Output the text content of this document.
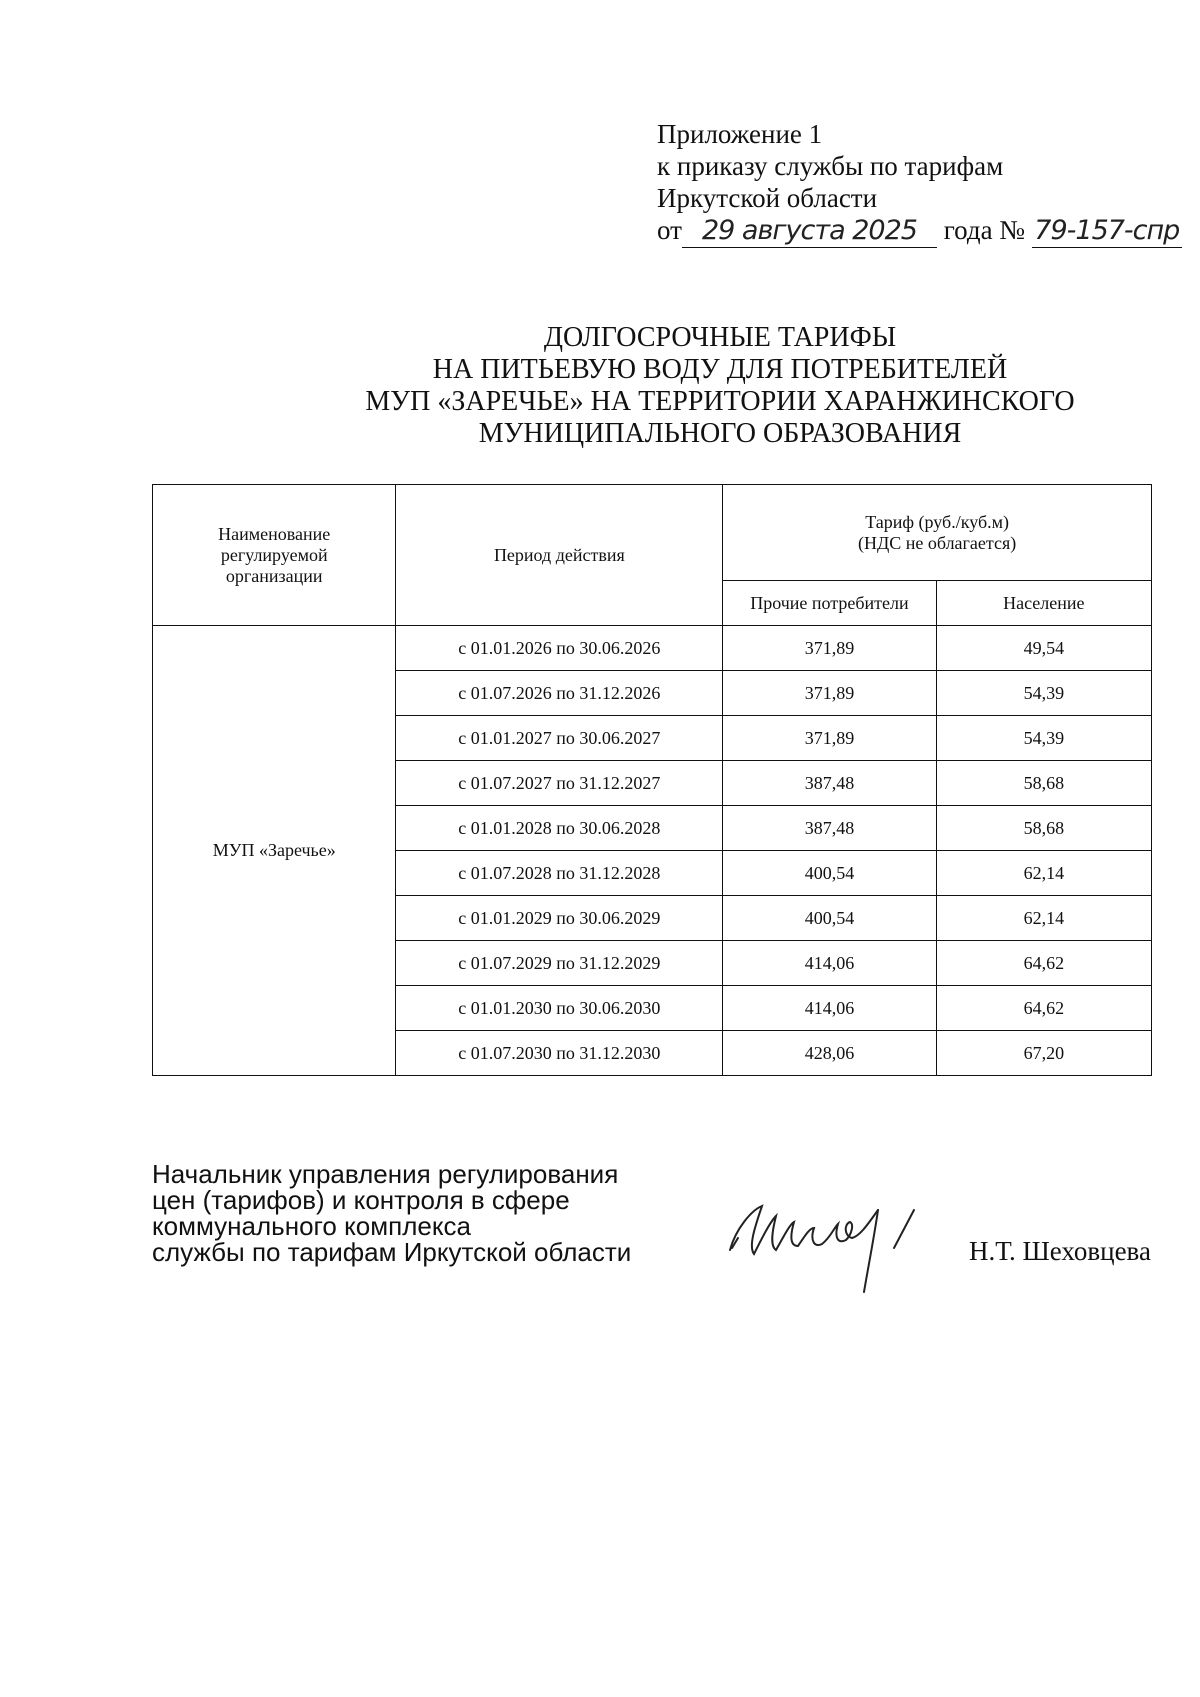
Приложение 1
к приказу службы по тарифам
Иркутской области
от 29 августа 2025 года № 79-157-спр
ДОЛГОСРОЧНЫЕ ТАРИФЫ
НА ПИТЬЕВУЮ ВОДУ ДЛЯ ПОТРЕБИТЕЛЕЙ
МУП «ЗАРЕЧЬЕ» НА ТЕРРИТОРИИ ХАРАНЖИНСКОГО
МУНИЦИПАЛЬНОГО ОБРАЗОВАНИЯ
Наименование регулируемой организации	Период действия	Тариф (руб./куб.м)
(НДС не облагается)	

		Прочие потребители	Население
МУП «Заречье»	с 01.01.2026 по 30.06.2026	371,89	49,54
	с 01.07.2026 по 31.12.2026	371,89	54,39
	с 01.01.2027 по 30.06.2027	371,89	54,39
	с 01.07.2027 по 31.12.2027	387,48	58,68
	с 01.01.2028 по 30.06.2028	387,48	58,68
	с 01.07.2028 по 31.12.2028	400,54	62,14
	с 01.01.2029 по 30.06.2029	400,54	62,14
	с 01.07.2029 по 31.12.2029	414,06	64,62
	с 01.01.2030 по 30.06.2030	414,06	64,62
	с 01.07.2030 по 31.12.2030	428,06	67,20
Начальник управления регулирования
цен (тарифов) и контроля в сфере
коммунального комплекса
службы по тарифам Иркутской области	Н.Т. Шеховцева
